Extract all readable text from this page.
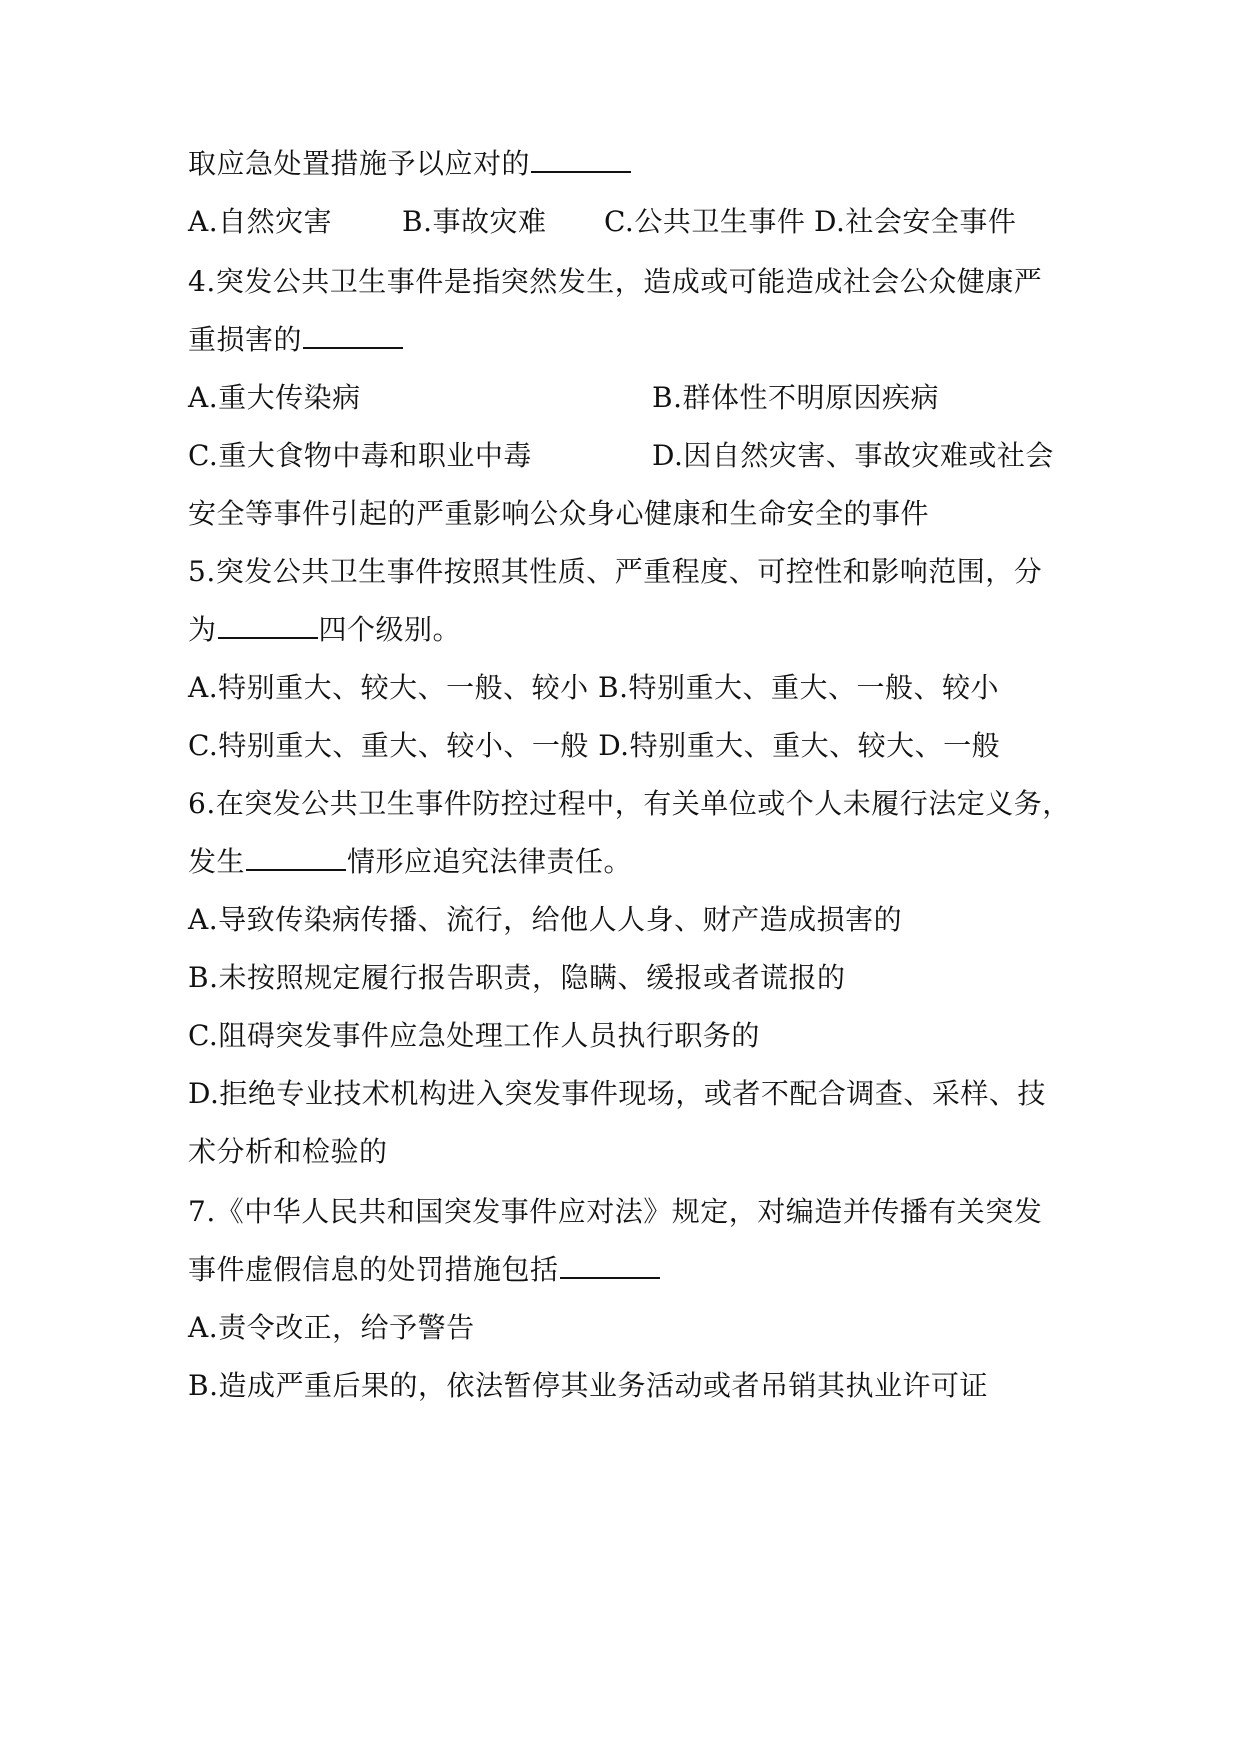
取应急处置措施予以应对的
A.自然灾害 B.事故灾难 C.公共卫生事件 D.社会安全事件
4.突发公共卫生事件是指突然发生，造成或可能造成社会公众健康严
重损害的
A.重大传染病	B.群体性不明原因疾病
C.重大食物中毒和职业中毒	D.因自然灾害、事故灾难或社会
安全等事件引起的严重影响公众身心健康和生命安全的事件
5.突发公共卫生事件按照其性质、严重程度、可控性和影响范围，分
为	四个级别。
A.特别重大、较大、一般、较小 B.特别重大、重大、一般、较小
C.特别重大、重大、较小、一般 D.特别重大、重大、较大、一般
6.在突发公共卫生事件防控过程中，有关单位或个人未履行法定义务，
发生	情形应追究法律责任。
A.导致传染病传播、流行，给他人人身、财产造成损害的
B.未按照规定履行报告职责，隐瞒、缓报或者谎报的
C.阻碍突发事件应急处理工作人员执行职务的
D.拒绝专业技术机构进入突发事件现场，或者不配合调查、采样、技
术分析和检验的
7.《中华人民共和国突发事件应对法》规定，对编造并传播有关突发
事件虚假信息的处罚措施包括
A.责令改正，给予警告
B.造成严重后果的，依法暂停其业务活动或者吊销其执业许可证
